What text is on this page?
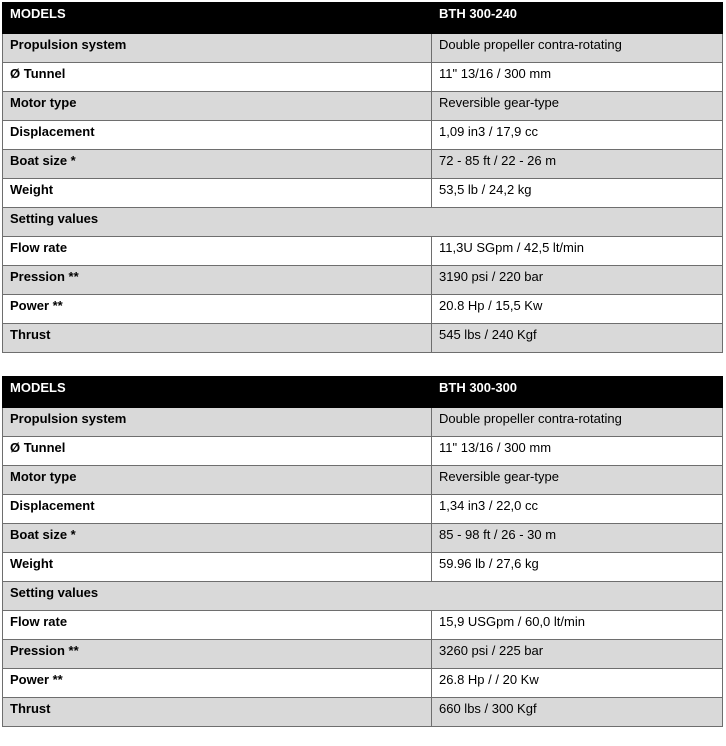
MODELS	BTH 300-240
Propulsion system	Double propeller contra-rotating
Ø Tunnel	11" 13/16 / 300 mm
Motor type	Reversible gear-type
Displacement	1,09 in3 / 17,9 cc
Boat size *	72 - 85 ft / 22 - 26 m
Weight	53,5 lb / 24,2 kg
Setting values	
Flow rate	11,3U SGpm / 42,5 lt/min
Pression **	3190 psi / 220 bar
Power **	20.8 Hp / 15,5 Kw
Thrust	545 lbs / 240 Kgf
MODELS	BTH 300-300
Propulsion system	Double propeller contra-rotating
Ø Tunnel	11" 13/16 / 300 mm
Motor type	Reversible gear-type
Displacement	1,34 in3 / 22,0 cc
Boat size *	85 - 98 ft / 26 - 30 m
Weight	59.96 lb / 27,6 kg
Setting values	
Flow rate	15,9 USGpm / 60,0 lt/min
Pression **	3260 psi / 225 bar
Power **	26.8 Hp / / 20 Kw
Thrust	660 lbs / 300 Kgf
